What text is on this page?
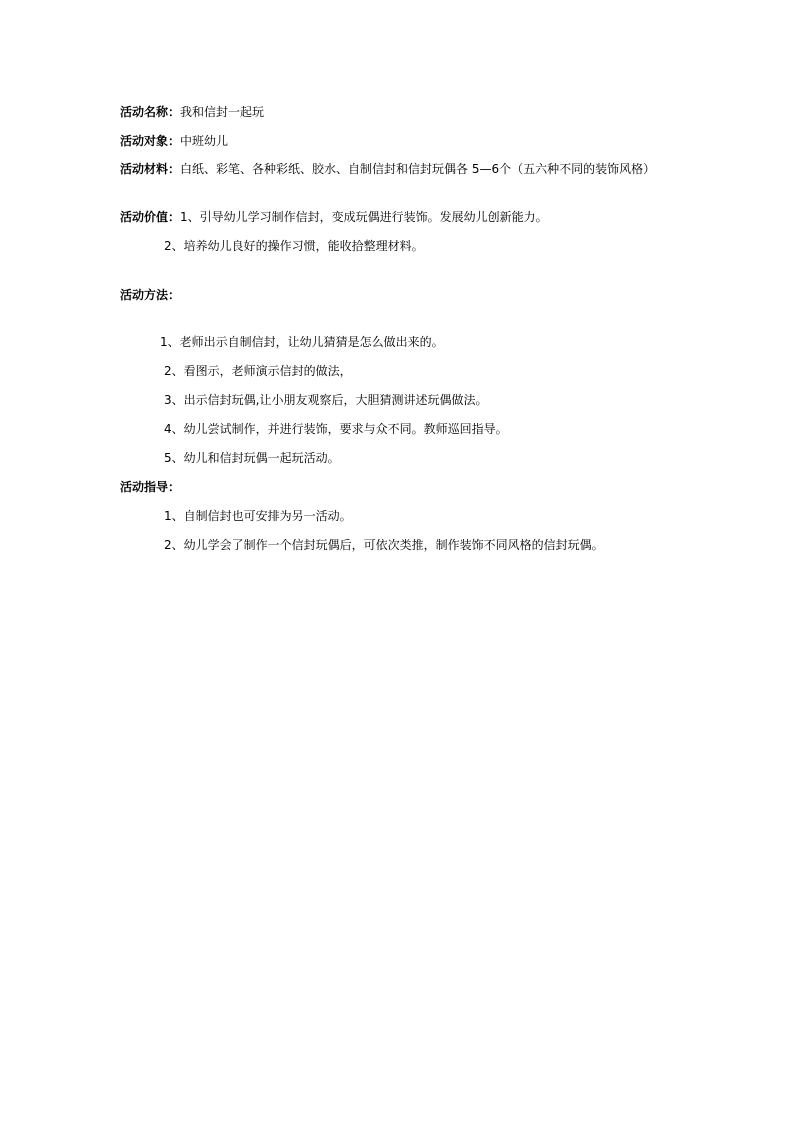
活动名称：我和信封一起玩
活动对象：中班幼儿
活动材料：白纸、彩笔、各种彩纸、胶水、自制信封和信封玩偶各 5—6个（五六种不同的装饰风格）
活动价值：1、引导幼儿学习制作信封，变成玩偶进行装饰。发展幼儿创新能力。
2、培养幼儿良好的操作习惯，能收拾整理材料。
活动方法：
1、老师出示自制信封，让幼儿猜猜是怎么做出来的。
2、看图示，老师演示信封的做法，
3、出示信封玩偶,让小朋友观察后，大胆猜测讲述玩偶做法。
4、幼儿尝试制作，并进行装饰，要求与众不同。教师巡回指导。
5、幼儿和信封玩偶一起玩活动。
活动指导：
1、自制信封也可安排为另一活动。
2、幼儿学会了制作一个信封玩偶后，可依次类推，制作装饰不同风格的信封玩偶。
